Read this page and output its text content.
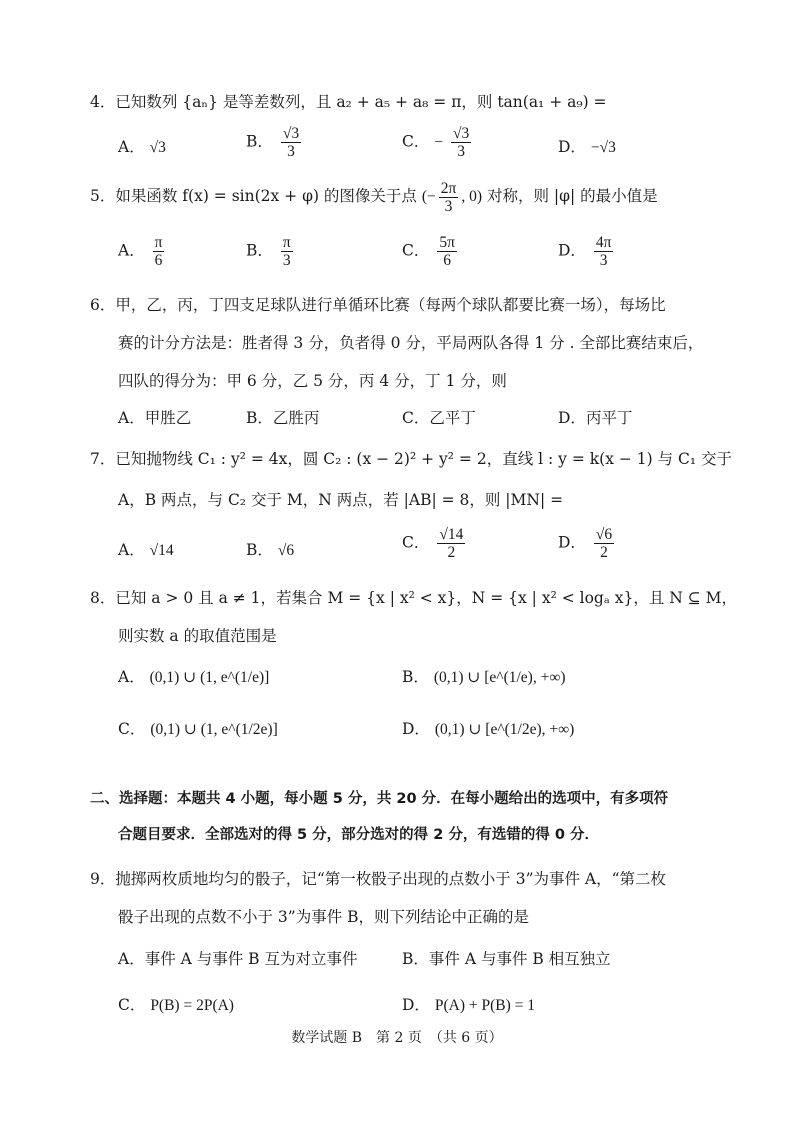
4．已知数列 {aₙ} 是等差数列，且 a₂ + a₅ + a₈ = π，则 tan(a₁ + a₉) =
A． √3	B． $\frac{√3}{3}$	C． − $\frac{√3}{3}$	D． −√3
5．如果函数 f(x) = sin(2x + φ) 的图像关于点 (− $\frac{2\pi}{3}$ , 0) 对称，则 |φ| 的最小值是
A． $\frac{\pi}{6}$	B． $\frac{\pi}{3}$	C． $\frac{5\pi}{6}$	D． $\frac{4\pi}{3}$
6．甲，乙，丙，丁四支足球队进行单循环比赛（每两个球队都要比赛一场），每场比
赛的计分方法是：胜者得 3 分，负者得 0 分，平局两队各得 1 分 . 全部比赛结束后，
四队的得分为：甲 6 分，乙 5 分，丙 4 分，丁 1 分，则
A．甲胜乙	B．乙胜丙	C．乙平丁	D．丙平丁
7．已知抛物线 C₁ : y² = 4x，圆 C₂ : (x − 2)² + y² = 2，直线 l : y = k(x − 1) 与 C₁ 交于
A，B 两点，与 C₂ 交于 M，N 两点，若 |AB| = 8，则 |MN| =
A． √14	B． √6	C． $\frac{√14}{2}$	D． $\frac{√6}{2}$
8．已知 a > 0 且 a ≠ 1，若集合 M = {x | x² < x}，N = {x | x² < logₐ x}，且 N ⊆ M，
则实数 a 的取值范围是
A． (0,1) ∪ (1, e^(1/e)]	B． (0,1) ∪ [e^(1/e), +∞)
C． (0,1) ∪ (1, e^(1/2e)]	D． (0,1) ∪ [e^(1/2e), +∞)
二、选择题：本题共 4 小题，每小题 5 分，共 20 分．在每小题给出的选项中，有多项符
合题目要求．全部选对的得 5 分，部分选对的得 2 分，有选错的得 0 分．
9．抛掷两枚质地均匀的骰子，记“第一枚骰子出现的点数小于 3”为事件 A，“第二枚
骰子出现的点数不小于 3”为事件 B，则下列结论中正确的是
A．事件 A 与事件 B 互为对立事件	B．事件 A 与事件 B 相互独立
C． P(B) = 2P(A)	D． P(A) + P(B) = 1
数学试题 B　第 2 页　（共 6 页）
